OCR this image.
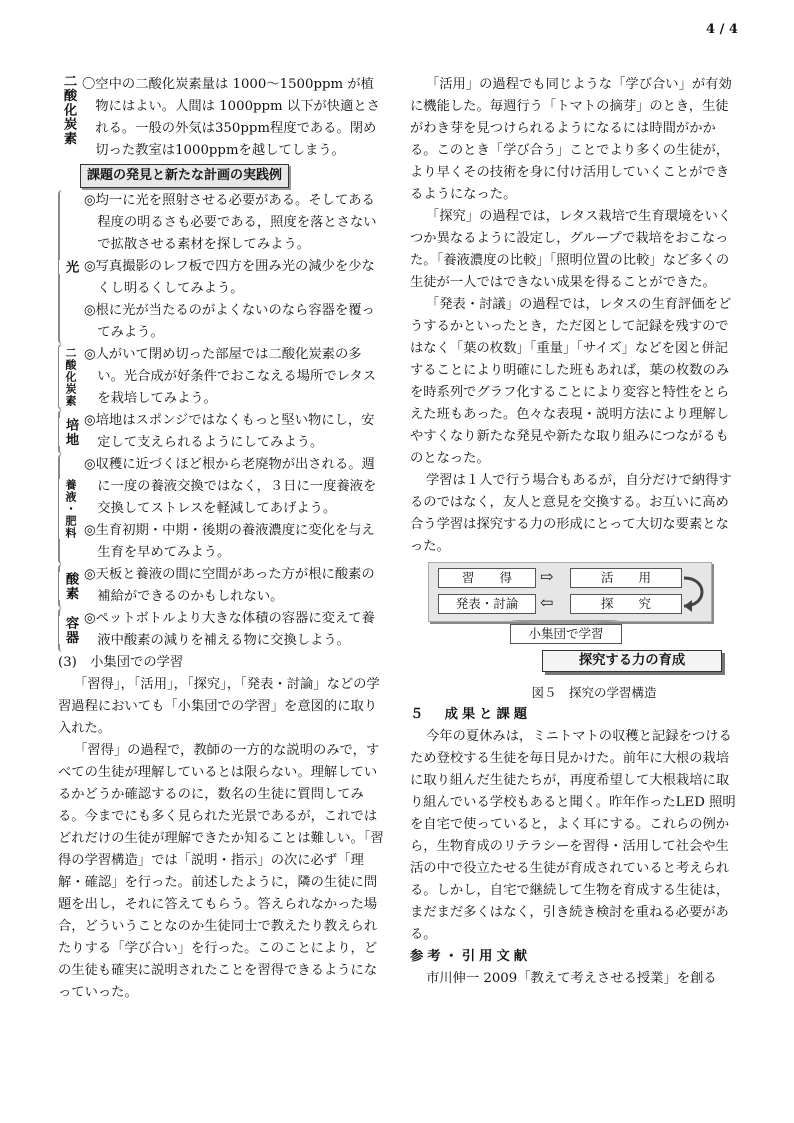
4 / 4
二酸化炭素 〇空中の二酸化炭素量は 1000～1500ppm が植物にはよい。人間は 1000ppm 以下が快適とされる。一般の外気は350ppm程度である。閉め切った教室は1000ppmを越してしまう。
課題の発見と新たな計画の実践例
光
◎均一に光を照射させる必要がある。そしてある程度の明るさも必要である，照度を落とさないで拡散させる素材を探してみよう。
◎写真撮影のレフ板で四方を囲み光の減少を少なくし明るくしてみよう。
◎根に光が当たるのがよくないのなら容器を覆ってみよう。
二酸化炭素 ◎人がいて閉め切った部屋では二酸化炭素の多い。光合成が好条件でおこなえる場所でレタスを栽培してみよう。
培地 ◎培地はスポンジではなくもっと堅い物にし，安定して支えられるようにしてみよう。
養液・肥料
◎収穫に近づくほど根から老廃物が出される。週に一度の養液交換ではなく，３日に一度養液を交換してストレスを軽減してあげよう。
◎生育初期・中期・後期の養液濃度に変化を与え生育を早めてみよう。
酸素 ◎天板と養液の間に空間があった方が根に酸素の補給ができるのかもしれない。
容器 ◎ペットボトルより大きな体積の容器に変えて養液中酸素の減りを補える物に交換しよう。

(3)　小集団での学習

「習得」，「活用」，「探究」，「発表・討論」などの学習過程においても「小集団での学習」を意図的に取り入れた。

「習得」の過程で，教師の一方的な説明のみで，すべての生徒が理解しているとは限らない。理解しているかどうか確認するのに，数名の生徒に質問してみる。今までにも多く見られた光景であるが，これではどれだけの生徒が理解できたか知ることは難しい。「習得の学習構造」では「説明・指示」の次に必ず「理解・確認」を行った。前述したように，隣の生徒に問題を出し，それに答えてもらう。答えられなかった場合，どういうことなのか生徒同士で教えたり教えられたりする「学び合い」を行った。このことにより，どの生徒も確実に説明されたことを習得できるようになっていった。

「活用」の過程でも同じような「学び合い」が有効に機能した。毎週行う「トマトの摘芽」のとき，生徒がわき芽を見つけられるようになるには時間がかかる。このとき「学び合う」ことでより多くの生徒が，より早くその技術を身に付け活用していくことができるようになった。

「探究」の過程では，レタス栽培で生育環境をいくつか異なるように設定し，グループで栽培をおこなった。「養液濃度の比較」「照明位置の比較」など多くの生徒が一人ではできない成果を得ることができた。

「発表・討議」の過程では，レタスの生育評価をどうするかといったとき，ただ図として記録を残すのではなく「葉の枚数」「重量」「サイズ」などを図と併記することにより明確にした班もあれば，葉の枚数のみを時系列でグラフ化することにより変容と特性をとらえた班もあった。色々な表現・説明方法により理解しやすくなり新たな発見や新たな取り組みにつながるものとなった。

学習は１人で行う場合もあるが，自分だけで納得するのではなく，友人と意見を交換する。お互いに高め合う学習は探究する力の形成にとって大切な要素となった。

習　　得	⇨	活　　用
発表・討論	⇦	探　　究
小集団で学習
探究する力の育成
図５　探究の学習構造

５　成果と課題

今年の夏休みは，ミニトマトの収穫と記録をつけるため登校する生徒を毎日見かけた。前年に大根の栽培に取り組んだ生徒たちが，再度希望して大根栽培に取り組んでいる学校もあると聞く。昨年作ったLED 照明を自宅で使っていると，よく耳にする。これらの例から，生物育成のリテラシーを習得・活用して社会や生活の中で役立たせる生徒が育成されていると考えられる。しかし，自宅で継続して生物を育成する生徒は，まだまだ多くはなく，引き続き検討を重ねる必要がある。

参考・引用文献

市川伸一 2009「教えて考えさせる授業」を創る
